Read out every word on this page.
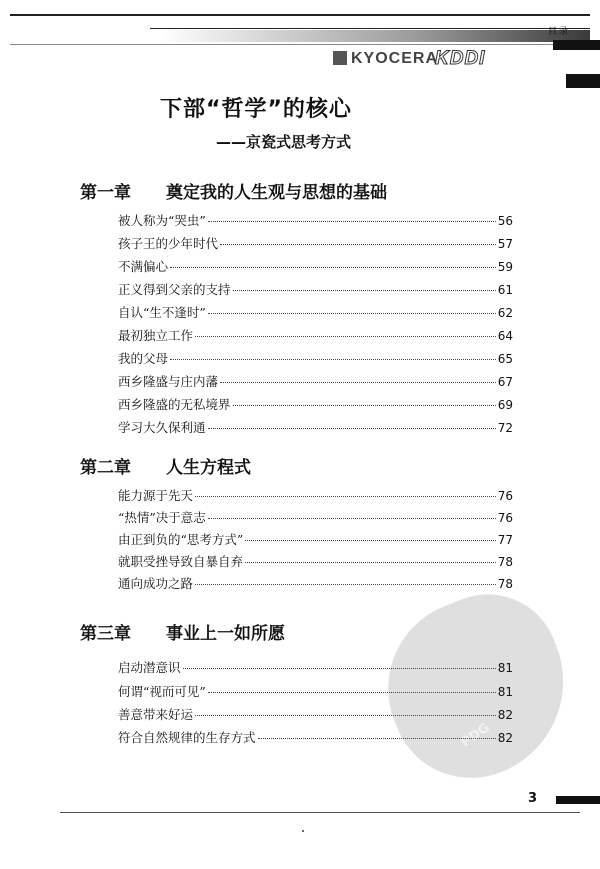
目录
KYOCERA
KDDI
下部“哲学”的核心
——京瓷式思考方式
PDG
第一章 奠定我的人生观与思想的基础
被人称为“哭虫”	56
孩子王的少年时代	57
不满偏心	59
正义得到父亲的支持	61
自认“生不逢时”	62
最初独立工作	64
我的父母	65
西乡隆盛与庄内藩	67
西乡隆盛的无私境界	69
学习大久保利通	72
第二章 人生方程式
能力源于先天	76
“热情”决于意志	76
由正到负的“思考方式”	77
就职受挫导致自暴自弃	78
通向成功之路	78
第三章 事业上一如所愿
启动潜意识	81
何谓“视而可见”	81
善意带来好运	82
符合自然规律的生存方式	82
3
